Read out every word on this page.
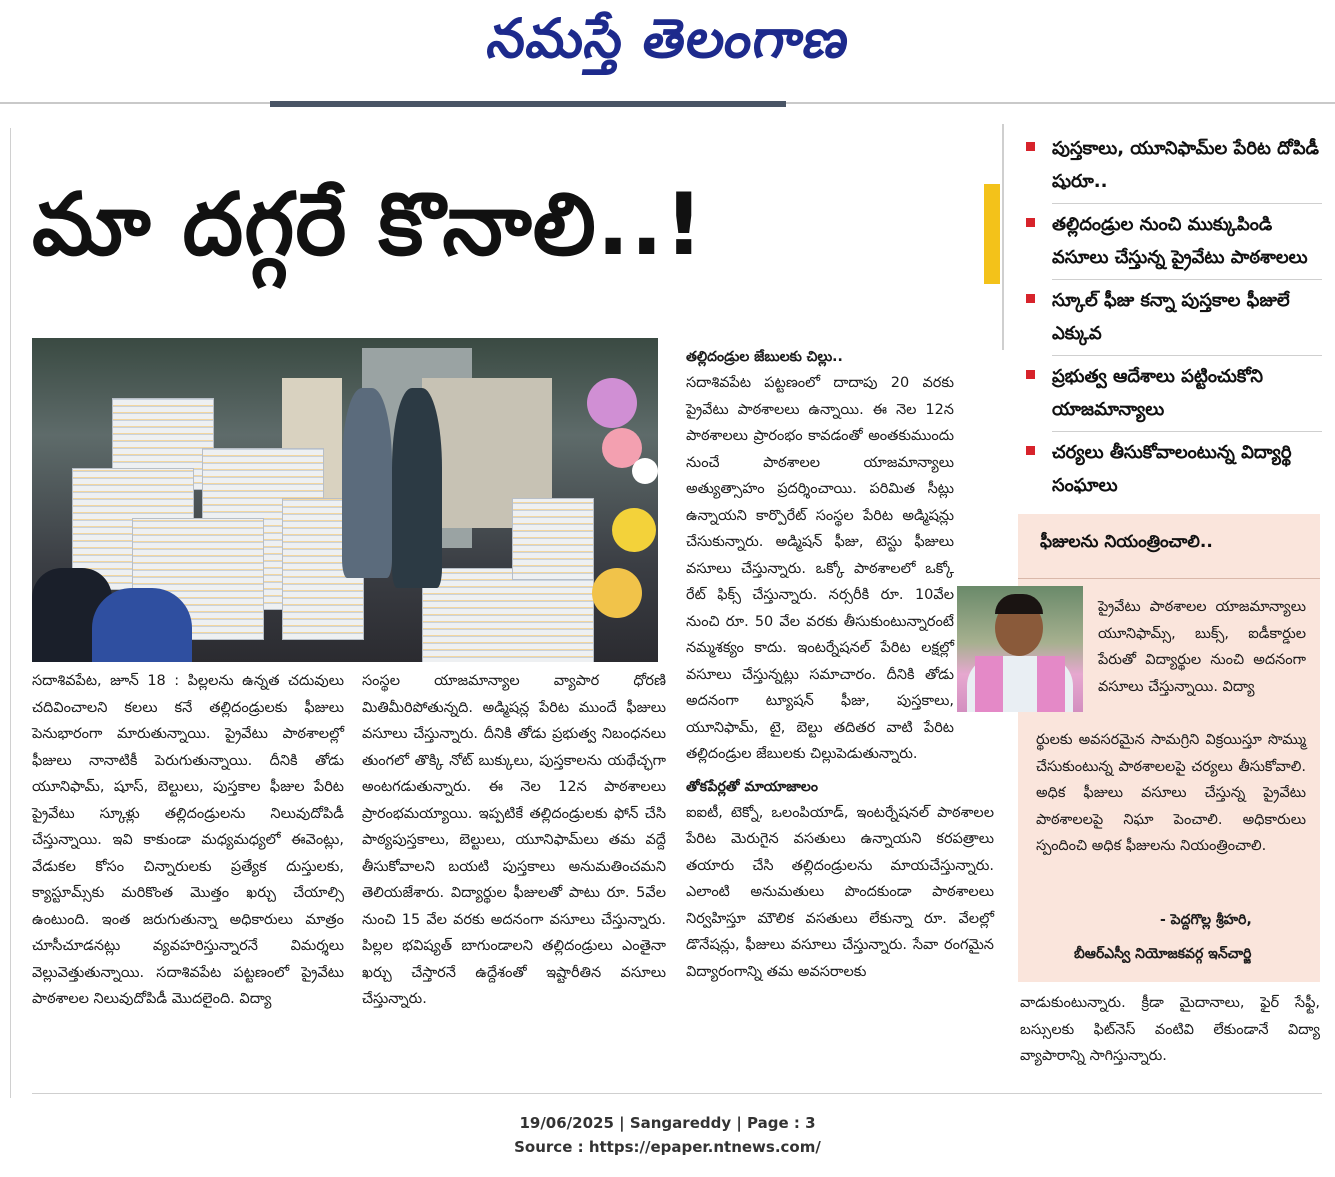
నమస్తే తెలంగాణ
మా దగ్గరే కొనాలి..!
పుస్తకాలు, యూనిఫామ్‌ల పేరిట దోపిడీ షురూ..
తల్లిదండ్రుల నుంచి ముక్కుపిండి వసూలు చేస్తున్న ప్రైవేటు పాఠశాలలు
స్కూల్ ఫీజు కన్నా పుస్తకాల ఫీజులే ఎక్కువ
ప్రభుత్వ ఆదేశాలు పట్టించుకోని యాజమాన్యాలు
చర్యలు తీసుకోవాలంటున్న విద్యార్థి సంఘాలు

సదాశివపేట, జూన్ 18 : పిల్లలను ఉన్నత చదువులు చదివించాలని కలలు కనే తల్లిదండ్రులకు ఫీజులు పెనుభారంగా మారుతున్నాయి. ప్రైవేటు పాఠశాలల్లో ఫీజులు నానాటికీ పెరుగుతున్నాయి. దీనికి తోడు యూనిఫామ్, షూస్, బెల్టులు, పుస్తకాల ఫీజుల పేరిట ప్రైవేటు స్కూళ్లు తల్లిదండ్రులను నిలువుదోపిడీ చేస్తున్నాయి. ఇవి కాకుండా మధ్యమధ్యలో ఈవెంట్లు, వేడుకల కోసం చిన్నారులకు ప్రత్యేక దుస్తులకు, క్యాస్టూమ్స్‌కు మరికొంత మొత్తం ఖర్చు చేయాల్సి ఉంటుంది. ఇంత జరుగుతున్నా అధికారులు మాత్రం చూసీచూడనట్లు వ్యవహరిస్తున్నారనే విమర్శలు వెల్లువెత్తుతున్నాయి. సదాశివపేట పట్టణంలో ప్రైవేటు పాఠశాలల నిలువుదోపిడీ మొదలైంది. విద్యా

సంస్థల యాజమాన్యాల వ్యాపార ధోరణి మితిమీరిపోతున్నది. అడ్మిషన్ల పేరిట ముందే ఫీజులు వసూలు చేస్తున్నారు. దీనికి తోడు ప్రభుత్వ నిబంధనలు తుంగలో తొక్కి నోట్ బుక్కులు, పుస్తకాలను యథేచ్ఛగా అంటగడుతున్నారు. ఈ నెల 12న పాఠశాలలు ప్రారంభమయ్యాయి. ఇప్పటికే తల్లిదండ్రులకు ఫోన్ చేసి పాఠ్యపుస్తకాలు, బెల్టులు, యూనిఫామ్‌లు తమ వద్దే తీసుకోవాలని బయటి పుస్తకాలు అనుమతించమని తెలియజేశారు. విద్యార్థుల ఫీజులతో పాటు రూ. 5వేల నుంచి 15 వేల వరకు అదనంగా వసూలు చేస్తున్నారు. పిల్లల భవిష్యత్ బాగుండాలని తల్లిదండ్రులు ఎంతైనా ఖర్చు చేస్తారనే ఉద్దేశంతో ఇష్టారీతిన వసూలు చేస్తున్నారు.

తల్లిదండ్రుల జేబులకు చిల్లు..

సదాశివపేట పట్టణంలో దాదాపు 20 వరకు ప్రైవేటు పాఠశాలలు ఉన్నాయి. ఈ నెల 12న పాఠశాలలు ప్రారంభం కావడంతో అంతకుముందు నుంచే పాఠశాలల యాజమాన్యాలు అత్యుత్సాహం ప్రదర్శించాయి. పరిమిత సీట్లు ఉన్నాయని కార్పొరేట్ సంస్థల పేరిట అడ్మిషన్లు చేసుకున్నారు. అడ్మిషన్ ఫీజు, టెస్టు ఫీజులు వసూలు చేస్తున్నారు. ఒక్కో పాఠశాలలో ఒక్కో రేట్ ఫిక్స్ చేస్తున్నారు. నర్సరీకి రూ. 10వేల నుంచి రూ. 50 వేల వరకు తీసుకుంటున్నారంటే నమ్మశక్యం కాదు. ఇంటర్నేషనల్ పేరిట లక్షల్లో వసూలు చేస్తున్నట్లు సమాచారం. దీనికి తోడు అదనంగా ట్యూషన్ ఫీజు, పుస్తకాలు, యూనిఫామ్, టై, బెల్టు తదితర వాటి పేరిట తల్లిదండ్రుల జేబులకు చిల్లుపెడుతున్నారు.

తోకపేర్లతో మాయాజాలం

ఐఐటీ, టెక్నో, ఒలంపియాడ్, ఇంటర్నేషనల్ పాఠశాలల పేరిట మెరుగైన వసతులు ఉన్నాయని కరపత్రాలు తయారు చేసి తల్లిదండ్రులను మాయచేస్తున్నారు. ఎలాంటి అనుమతులు పొందకుండా పాఠశాలలు నిర్వహిస్తూ మౌలిక వసతులు లేకున్నా రూ. వేలల్లో డొనేషన్లు, ఫీజులు వసూలు చేస్తున్నారు. సేవా రంగమైన విద్యారంగాన్ని తమ అవసరాలకు

ఫీజులను నియంత్రించాలి..
ప్రైవేటు పాఠశాలల యాజమాన్యాలు యూనిఫామ్స్, బుక్స్, ఐడీకార్డుల పేరుతో విద్యార్థుల నుంచి అదనంగా వసూలు చేస్తున్నాయి. విద్యా
ర్థులకు అవసరమైన సామగ్రిని విక్రయిస్తూ సొమ్ము చేసుకుంటున్న పాఠశాలలపై చర్యలు తీసుకోవాలి. అధిక ఫీజులు వసూలు చేస్తున్న ప్రైవేటు పాఠశాలలపై నిఘా పెంచాలి. అధికారులు స్పందించి అధిక ఫీజులను నియంత్రించాలి.
- పెద్దగొల్ల శ్రీహరి,
బీఆర్‌ఎస్వీ నియోజకవర్గ ఇన్‌చార్జి

వాడుకుంటున్నారు. క్రీడా మైదానాలు, ఫైర్ సేఫ్టీ, బస్సులకు ఫిట్‌నెస్ వంటివి లేకుండానే విద్యా వ్యాపారాన్ని సాగిస్తున్నారు.

19/06/2025 | Sangareddy | Page : 3
Source : https://epaper.ntnews.com/
